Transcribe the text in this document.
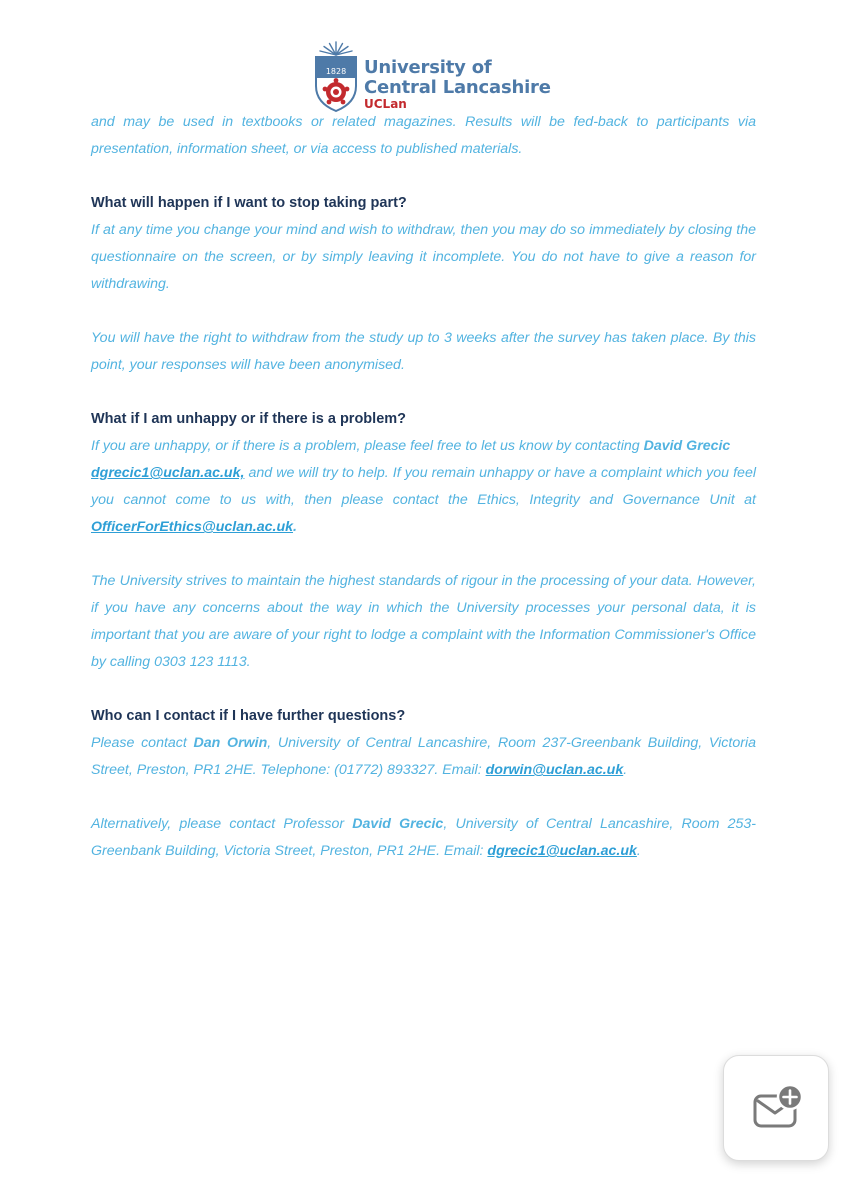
1828 University of
Central Lancashire
UCLan

and may be used in textbooks or related magazines. Results will be fed-back to participants via presentation, information sheet, or via access to published materials.

What will happen if I want to stop taking part?

If at any time you change your mind and wish to withdraw, then you may do so immediately by closing the questionnaire on the screen, or by simply leaving it incomplete. You do not have to give a reason for withdrawing.

You will have the right to withdraw from the study up to 3 weeks after the survey has taken place. By this point, your responses will have been anonymised.

What if I am unhappy or if there is a problem?

If you are unhappy, or if there is a problem, please feel free to let us know by contacting David Grecic
dgrecic1@uclan.ac.uk, and we will try to help. If you remain unhappy or have a complaint which you feel you cannot come to us with, then please contact the Ethics, Integrity and Governance Unit at OfficerForEthics@uclan.ac.uk.

The University strives to maintain the highest standards of rigour in the processing of your data. However, if you have any concerns about the way in which the University processes your personal data, it is important that you are aware of your right to lodge a complaint with the Information Commissioner's Office by calling 0303 123 1113.

Who can I contact if I have further questions?

Please contact Dan Orwin, University of Central Lancashire, Room 237-Greenbank Building, Victoria Street, Preston, PR1 2HE. Telephone: (01772) 893327. Email: dorwin@uclan.ac.uk.

Alternatively, please contact Professor David Grecic, University of Central Lancashire, Room 253-Greenbank Building, Victoria Street, Preston, PR1 2HE. Email: dgrecic1@uclan.ac.uk.
